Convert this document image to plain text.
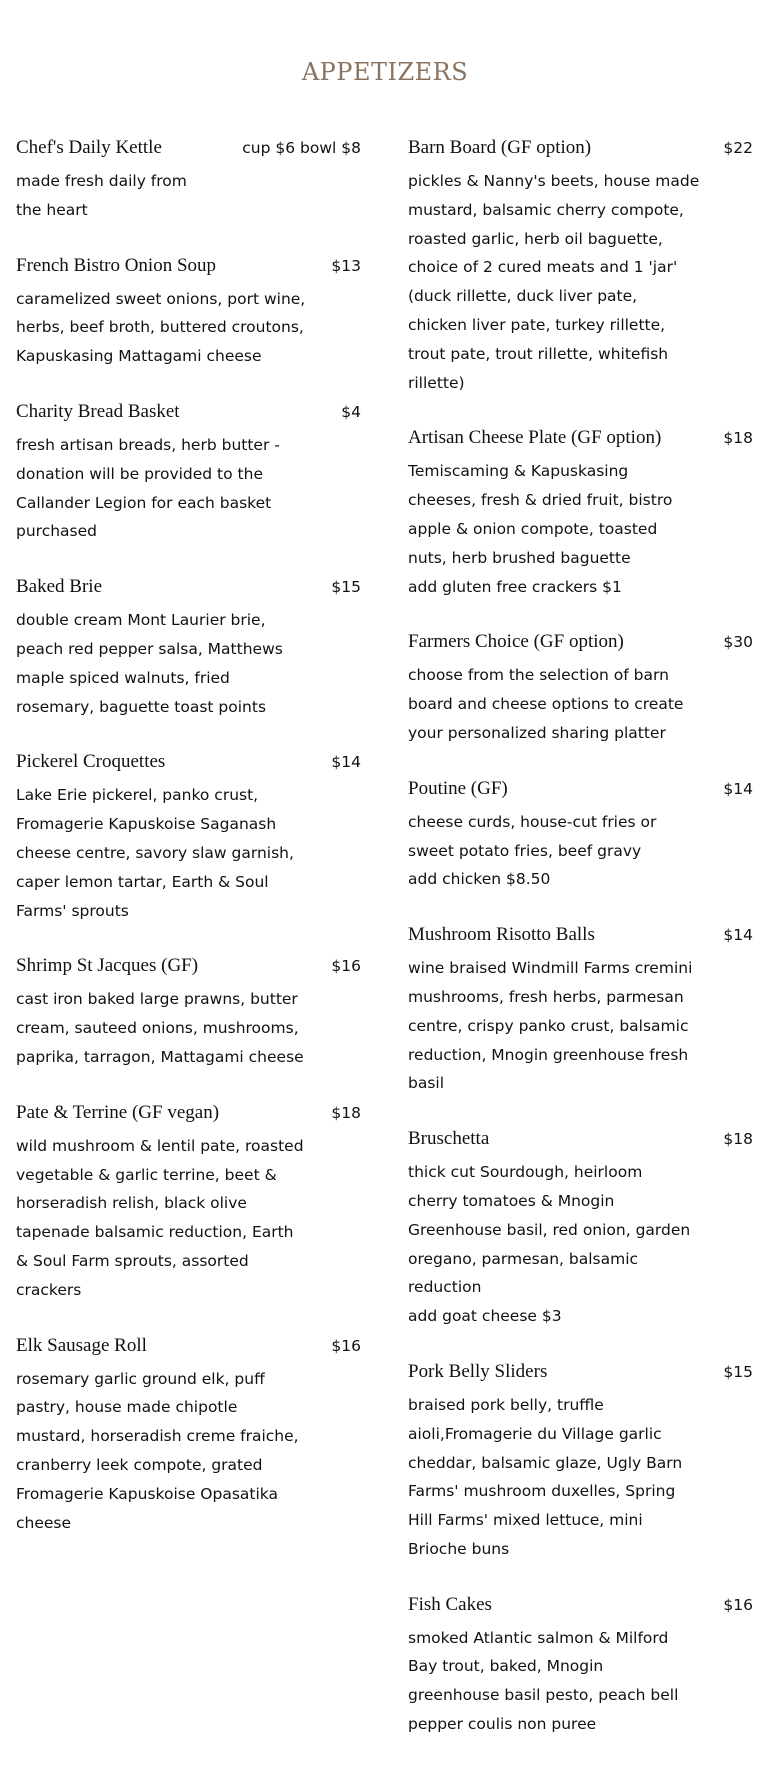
APPETIZERS
Chef's Daily Kettle	cup $6 bowl $8
made fresh daily from
the heart
French Bistro Onion Soup	$13
caramelized sweet onions, port wine,
herbs, beef broth, buttered croutons,
Kapuskasing Mattagami cheese
Charity Bread Basket	$4
fresh artisan breads, herb butter -
donation will be provided to the
Callander Legion for each basket
purchased
Baked Brie	$15
double cream Mont Laurier brie,
peach red pepper salsa, Matthews
maple spiced walnuts, fried
rosemary, baguette toast points
Pickerel Croquettes	$14
Lake Erie pickerel, panko crust,
Fromagerie Kapuskoise Saganash
cheese centre, savory slaw garnish,
caper lemon tartar, Earth & Soul
Farms' sprouts
Shrimp St Jacques (GF)	$16
cast iron baked large prawns, butter
cream, sauteed onions, mushrooms,
paprika, tarragon, Mattagami cheese
Pate & Terrine (GF vegan)	$18
wild mushroom & lentil pate, roasted
vegetable & garlic terrine, beet &
horseradish relish, black olive
tapenade balsamic reduction, Earth
& Soul Farm sprouts, assorted
crackers
Elk Sausage Roll	$16
rosemary garlic ground elk, puff
pastry, house made chipotle
mustard, horseradish creme fraiche,
cranberry leek compote, grated
Fromagerie Kapuskoise Opasatika
cheese
Barn Board (GF option)	$22
pickles & Nanny's beets, house made
mustard, balsamic cherry compote,
roasted garlic, herb oil baguette,
choice of 2 cured meats and 1 'jar'
(duck rillette, duck liver pate,
chicken liver pate, turkey rillette,
trout pate, trout rillette, whitefish
rillette)
Artisan Cheese Plate (GF option)	$18
Temiscaming & Kapuskasing
cheeses, fresh & dried fruit, bistro
apple & onion compote, toasted
nuts, herb brushed baguette
add gluten free crackers $1
Farmers Choice (GF option)	$30
choose from the selection of barn
board and cheese options to create
your personalized sharing platter
Poutine (GF)	$14
cheese curds, house-cut fries or
sweet potato fries, beef gravy
add chicken $8.50
Mushroom Risotto Balls	$14
wine braised Windmill Farms cremini
mushrooms, fresh herbs, parmesan
centre, crispy panko crust, balsamic
reduction, Mnogin greenhouse fresh
basil
Bruschetta	$18
thick cut Sourdough, heirloom
cherry tomatoes & Mnogin
Greenhouse basil, red onion, garden
oregano, parmesan, balsamic
reduction
add goat cheese $3
Pork Belly Sliders	$15
braised pork belly, truffle
aioli,Fromagerie du Village garlic
cheddar, balsamic glaze, Ugly Barn
Farms' mushroom duxelles, Spring
Hill Farms' mixed lettuce, mini
Brioche buns
Fish Cakes	$16
smoked Atlantic salmon & Milford
Bay trout, baked, Mnogin
greenhouse basil pesto, peach bell
pepper coulis non puree
